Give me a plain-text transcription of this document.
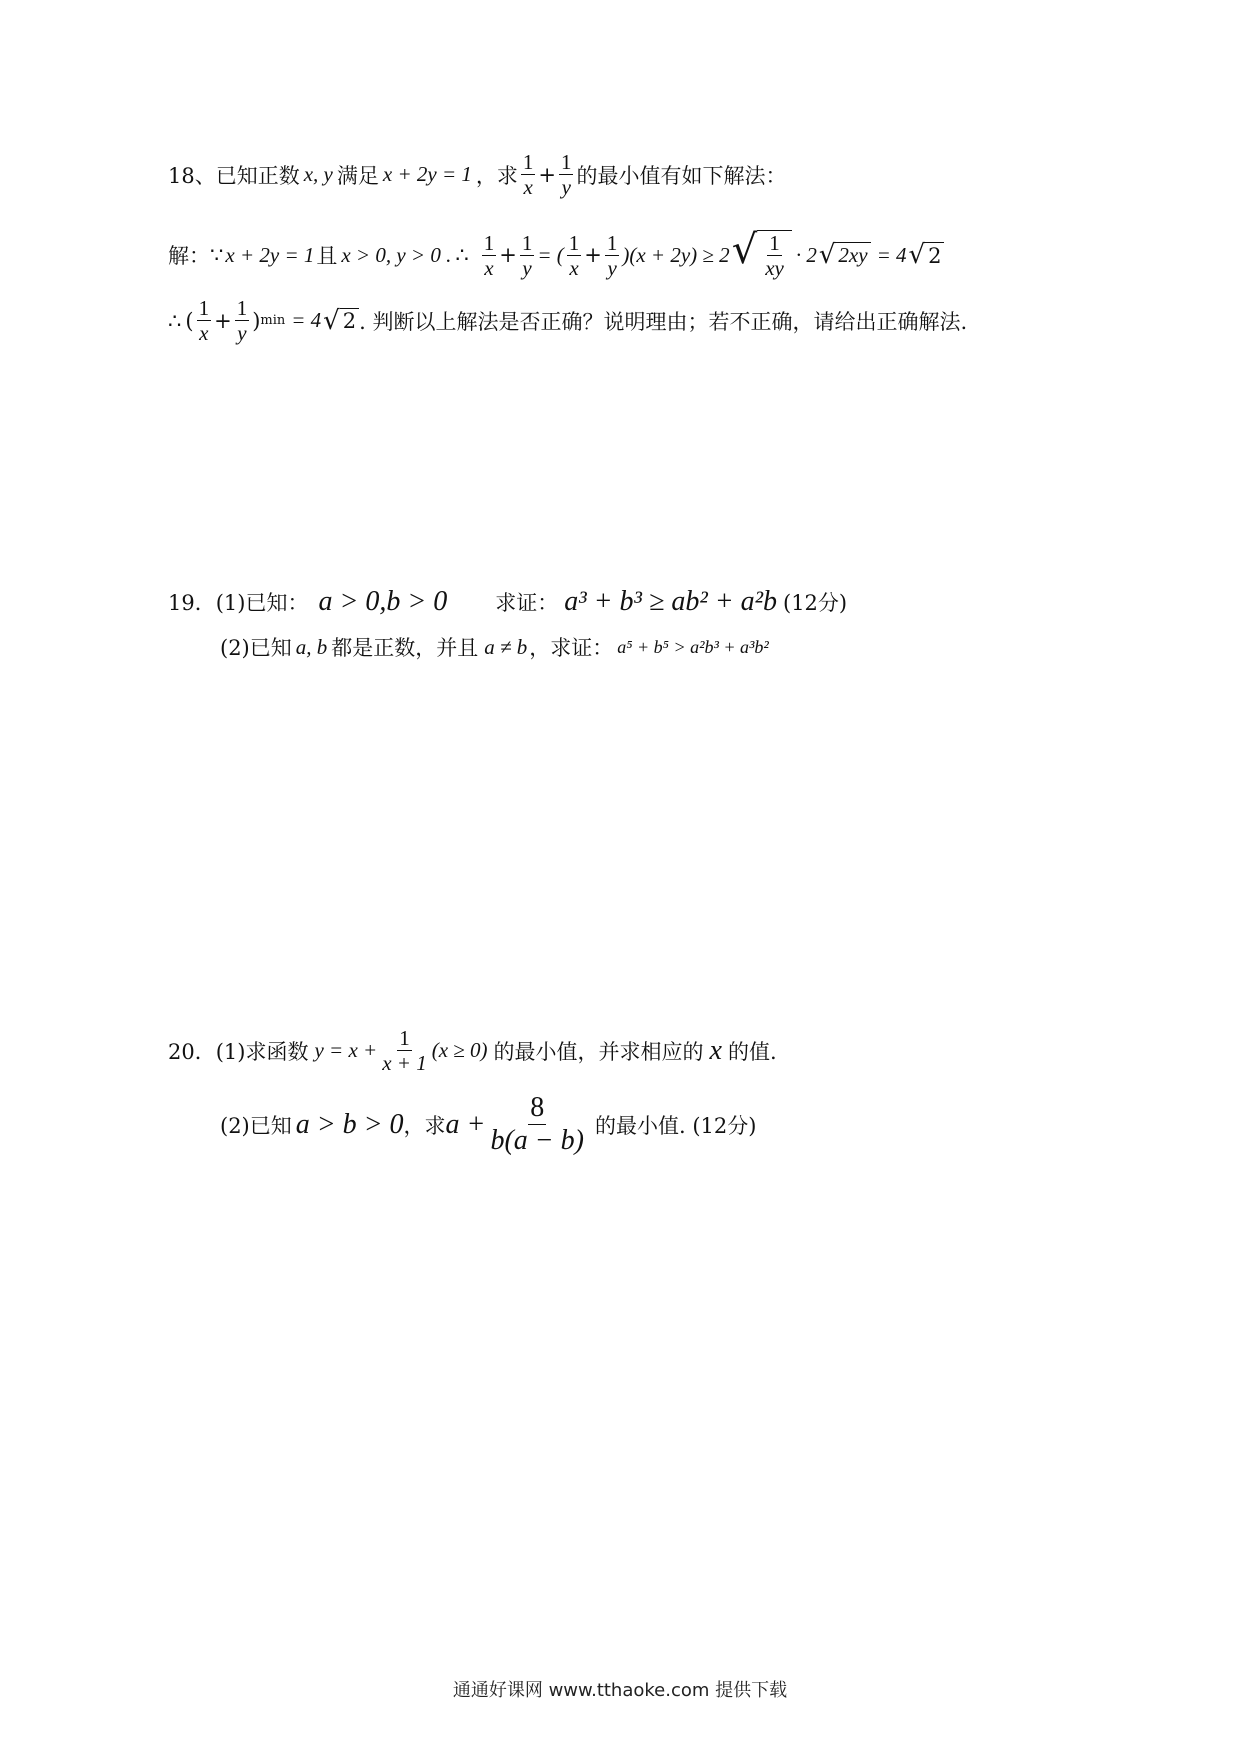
18、已知正数 x, y 满足 x + 2y = 1 ，求 $\frac{1}{x} + \frac{1}{y}$ 的最小值有如下解法：
解： ∵ x + 2y = 1 且 x > 0, y > 0 . ∴ $\frac{1}{x} + \frac{1}{y}$ = ( $\frac{1}{x} + \frac{1}{y} )(x + 2y) \ge 2$ √ $\frac{1}{xy} \cdot 2$ √ 2xy = 4 √ 2
∴ ( $\frac{1}{x} + \frac{1}{y}$ ) min = 4 √ 2 . 判断以上解法是否正确？说明理由；若不正确，请给出正确解法.
19．(1)已知： a > 0,b > 0 求证： a³ + b³ ≥ ab² + a²b (12分)
(2)已知 a, b 都是正数，并且 a ≠ b ，求证： a⁵ + b⁵ > a²b³ + a³b²
20．(1)求函数 $y = x + \frac{1}{x + 1} (x \ge 0)$ 的最小值，并求相应的 x 的值.
(2)已知 a > b > 0 ，求 $a + \frac{8}{b(a - b)}$ 的最小值. (12分)
通通好课网 www.tthaoke.com 提供下载
